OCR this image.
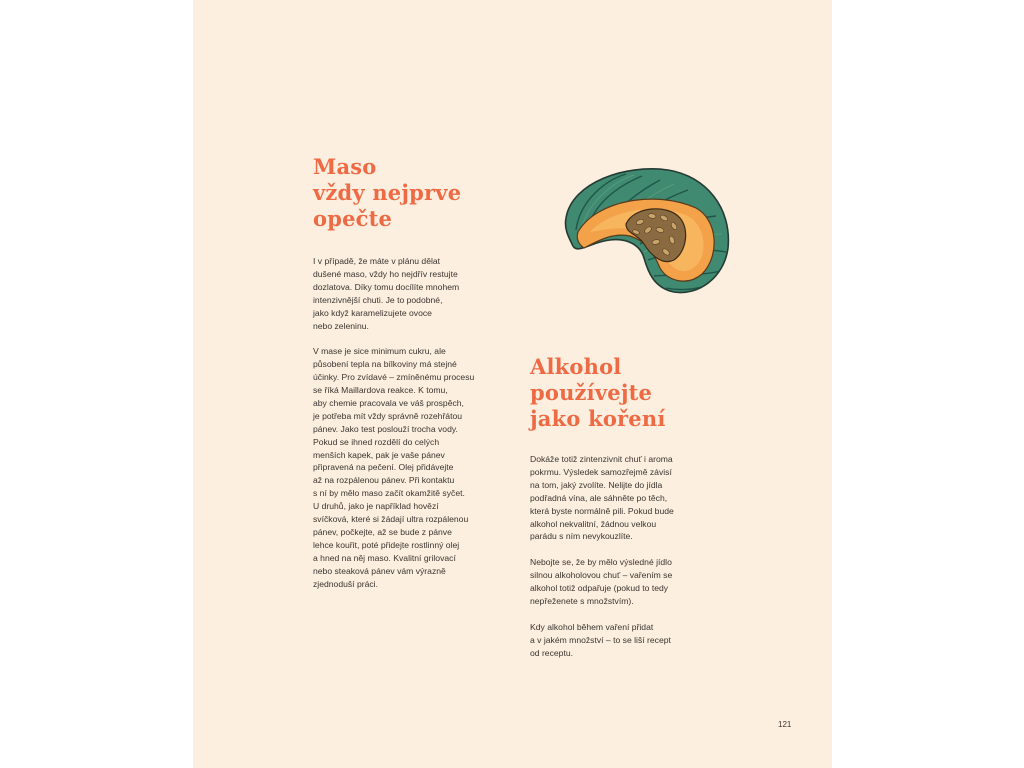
Maso
vždy nejprve
opečte
I v případě, že máte v plánu dělat
dušené maso, vždy ho nejdřív restujte
dozlatova. Díky tomu docílíte mnohem
intenzivnější chuti. Je to podobné,
jako když karamelizujete ovoce
nebo zeleninu.
V mase je sice minimum cukru, ale
působení tepla na bílkoviny má stejné
účinky. Pro zvídavé – zmíněnému procesu
se říká Maillardova reakce. K tomu,
aby chemie pracovala ve váš prospěch,
je potřeba mít vždy správně rozehřátou
pánev. Jako test poslouží trocha vody.
Pokud se ihned rozdělí do celých
menších kapek, pak je vaše pánev
připravená na pečení. Olej přidávejte
až na rozpálenou pánev. Při kontaktu
s ní by mělo maso začít okamžitě syčet.
U druhů, jako je například hovězí
svíčková, které si žádají ultra rozpálenou
pánev, počkejte, až se bude z pánve
lehce kouřit, poté přidejte rostlinný olej
a hned na něj maso. Kvalitní grilovací
nebo steaková pánev vám výrazně
zjednoduší práci.
Alkohol
používejte
jako koření
Dokáže totiž zintenzivnit chuť i aroma
pokrmu. Výsledek samozřejmě závisí
na tom, jaký zvolíte. Nelijte do jídla
podřadná vína, ale sáhněte po těch,
která byste normálně pili. Pokud bude
alkohol nekvalitní, žádnou velkou
parádu s ním nevykouzlíte.
Nebojte se, že by mělo výsledné jídlo
silnou alkoholovou chuť – vařením se
alkohol totiž odpařuje (pokud to tedy
nepřeženete s množstvím).
Kdy alkohol během vaření přidat
a v jakém množství – to se liší recept
od receptu.
121
